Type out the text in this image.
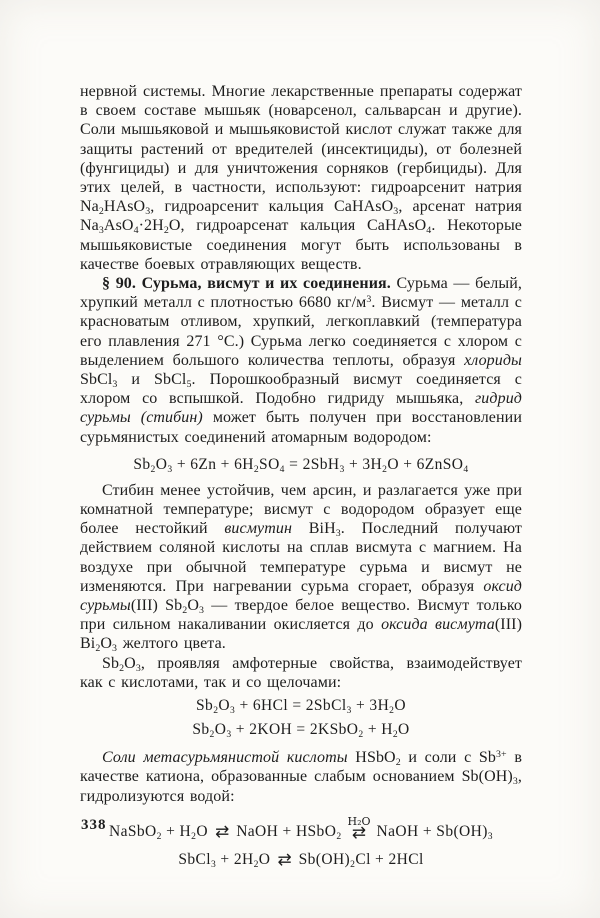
нервной системы. Многие лекарственные препараты содержат в своем составе мышьяк (новарсенол, сальварсан и другие). Соли мышьяковой и мышьяковистой кислот служат также для защиты растений от вредителей (инсектициды), от болезней (фунгициды) и для уничтожения сорняков (гербициды). Для этих целей, в частности, используют: гидроарсенит натрия $Na_2HAsO_3$, гидроарсенит кальция CaHAsO$_3$, арсенат натрия $Na_3AsO_4\cdot 2H_2O$, гидроарсенат кальция CaHAsO$_4$. Некоторые мышьяковистые соединения могут быть использованы в качестве боевых отравляющих веществ.

§ 90. Сурьма, висмут и их соединения. Сурьма — белый, хрупкий металл с плотностью 6680 $кг/м^3$. Висмут — металл с красноватым отливом, хрупкий, легкоплавкий (температура его плавления 271 °C.) Сурьма легко соединяется с хлором с выделением большого количества теплоты, образуя хлориды SbCl$_3$ и SbCl$_5$. Порошкообразный висмут соединяется с хлором со вспышкой. Подобно гидриду мышьяка, гидрид сурьмы (стибин) может быть получен при восстановлении сурьмянистых соединений атомарным водородом:

$Sb_2O_3 + 6Zn + 6H_2SO_4 = 2SbH_3 + 3H_2O$ + 6ZnSO$_4$

Стибин менее устойчив, чем арсин, и разлагается уже при комнатной температуре; висмут с водородом образует еще более нестойкий висмутин BiH$_3$. Последний получают действием соляной кислоты на сплав висмута с магнием. На воздухе при обычной температуре сурьма и висмут не изменяются. При нагревании сурьма сгорает, образуя оксид сурьмы(III) $Sb_2O_3$ — твердое белое вещество. Висмут только при сильном накаливании окисляется до оксида висмута(III) $Bi_2O_3$ желтого цвета.

$Sb_2O_3$, проявляя амфотерные свойства, взаимодействует как с кислотами, так и со щелочами:

$Sb_2O_3 + 6HCl$ = 2SbCl$_3$ + $3H_2O$
$Sb_2O_3 + 2KOH$ = 2KSbO$_2$ + $H_2O$

Соли метасурьмянистой кислоты HSbO$_2$ и соли с $Sb^{3+}$ в качестве катиона, образованные слабым основанием $Sb(OH)_3$, гидролизуются водой:

NaSbO$_2$ + $H_2O$ ⇄ NaOH + HSbO$_2$
H₂O
⇄ NaOH + $Sb(OH)_3$
SbCl$_3$ + $2H_2O$ ⇄ $Sb(OH)_2Cl + 2HCl$
338
